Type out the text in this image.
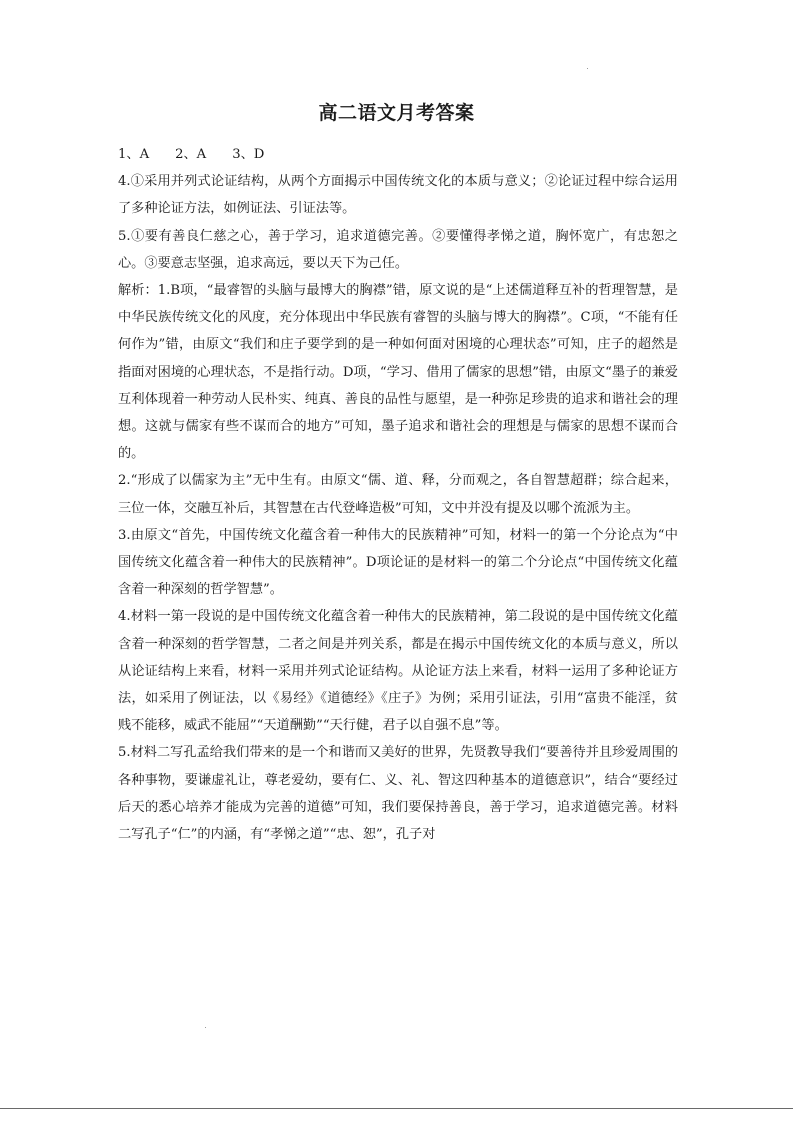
高二语文月考答案

1、A 2、A 3、D

4.①采用并列式论证结构，从两个方面揭示中国传统文化的本质与意义；②论证过程中综合运用了多种论证方法，如例证法、引证法等。

5.①要有善良仁慈之心，善于学习，追求道德完善。②要懂得孝悌之道，胸怀宽广，有忠恕之心。③要意志坚强，追求高远，要以天下为己任。

解析：1.B项，“最睿智的头脑与最博大的胸襟”错，原文说的是“上述儒道释互补的哲理智慧，是中华民族传统文化的风度，充分体现出中华民族有睿智的头脑与博大的胸襟”。C项，“不能有任何作为”错，由原文“我们和庄子要学到的是一种如何面对困境的心理状态”可知，庄子的超然是指面对困境的心理状态，不是指行动。D项，“学习、借用了儒家的思想”错，由原文“墨子的兼爱互利体现着一种劳动人民朴实、纯真、善良的品性与愿望，是一种弥足珍贵的追求和谐社会的理想。这就与儒家有些不谋而合的地方”可知，墨子追求和谐社会的理想是与儒家的思想不谋而合的。

2.“形成了以儒家为主”无中生有。由原文“儒、道、释，分而观之，各自智慧超群；综合起来，三位一体，交融互补后，其智慧在古代登峰造极”可知，文中并没有提及以哪个流派为主。

3.由原文“首先，中国传统文化蕴含着一种伟大的民族精神”可知，材料一的第一个分论点为“中国传统文化蕴含着一种伟大的民族精神”。D项论证的是材料一的第二个分论点“中国传统文化蕴含着一种深刻的哲学智慧”。

4.材料一第一段说的是中国传统文化蕴含着一种伟大的民族精神，第二段说的是中国传统文化蕴含着一种深刻的哲学智慧，二者之间是并列关系，都是在揭示中国传统文化的本质与意义，所以从论证结构上来看，材料一采用并列式论证结构。从论证方法上来看，材料一运用了多种论证方法，如采用了例证法，以《易经》《道德经》《庄子》为例；采用引证法，引用“富贵不能淫，贫贱不能移，威武不能屈”“天道酬勤”“天行健，君子以自强不息”等。

5.材料二写孔孟给我们带来的是一个和谐而又美好的世界，先贤教导我们“要善待并且珍爱周围的各种事物，要谦虚礼让，尊老爱幼，要有仁、义、礼、智这四种基本的道德意识”，结合“要经过后天的悉心培养才能成为完善的道德”可知，我们要保持善良，善于学习，追求道德完善。材料二写孔子“仁”的内涵，有“孝悌之道”“忠、恕”，孔子对
